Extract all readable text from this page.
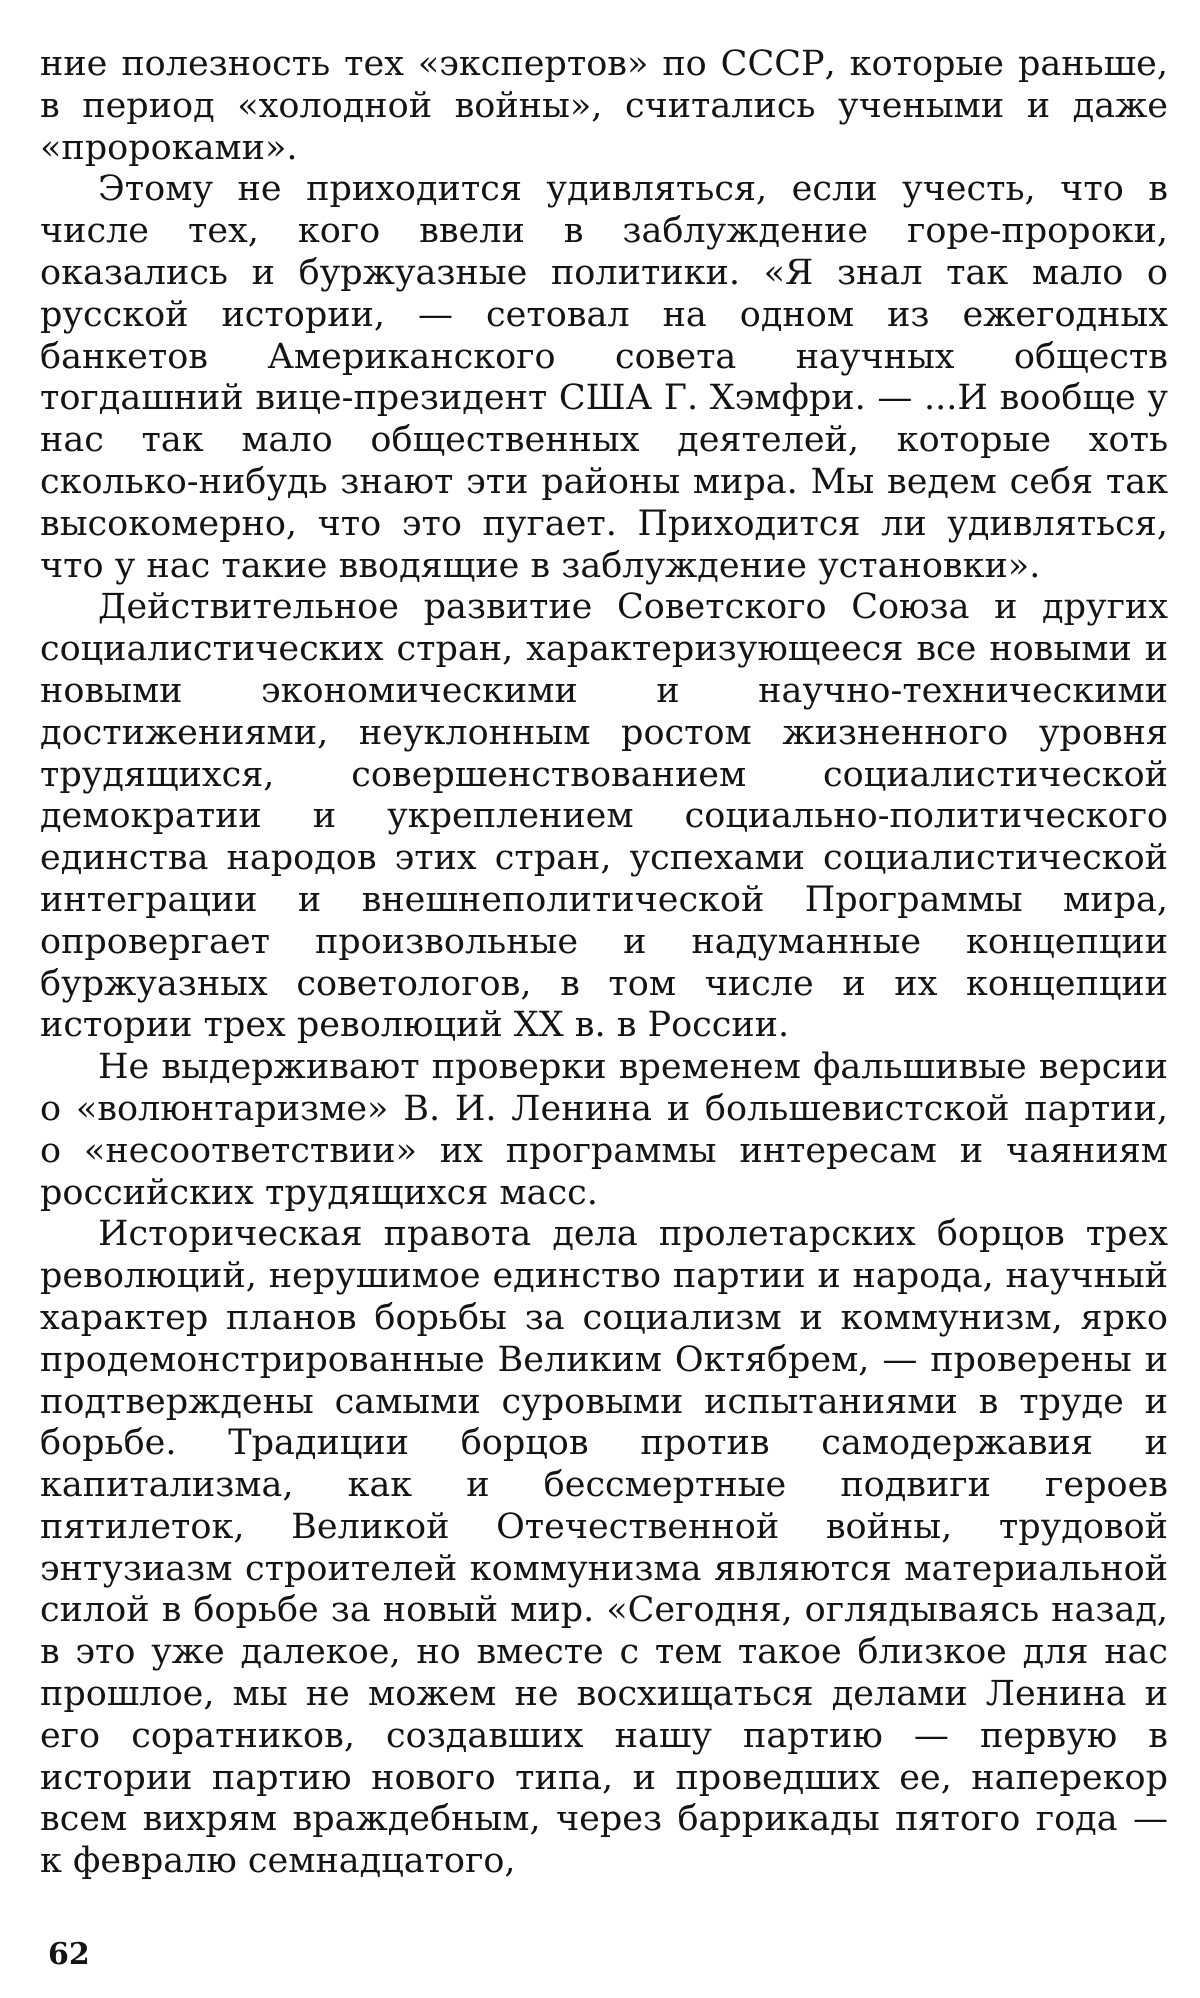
ние полезность тех «экспертов» по СССР, которые раньше, в период «холодной войны», считались учеными и даже «пророками».

Этому не приходится удивляться, если учесть, что в числе тех, кого ввели в заблуждение горе-пророки, оказались и буржуазные политики. «Я знал так мало о русской истории, — сетовал на одном из ежегодных банкетов Американского совета научных обществ тогдашний вице-президент США Г. Хэмфри. — ...И вообще у нас так мало общественных деятелей, которые хоть сколько-нибудь знают эти районы мира. Мы ведем себя так высокомерно, что это пугает. Приходится ли удивляться, что у нас такие вводящие в заблуждение установки».

Действительное развитие Советского Союза и других социалистических стран, характеризующееся все новыми и новыми экономическими и научно-техническими достижениями, неуклонным ростом жизненного уровня трудящихся, совершенствованием социалистической демократии и укреплением социально-политического единства народов этих стран, успехами социалистической интеграции и внешнеполитической Программы мира, опровергает произвольные и надуманные концепции буржуазных советологов, в том числе и их концепции истории трех революций XX в. в России.

Не выдерживают проверки временем фальшивые версии о «волюнтаризме» В. И. Ленина и большевистской партии, о «несоответствии» их программы интересам и чаяниям российских трудящихся масс.

Историческая правота дела пролетарских борцов трех революций, нерушимое единство партии и народа, научный характер планов борьбы за социализм и коммунизм, ярко продемонстрированные Великим Октябрем, — проверены и подтверждены самыми суровыми испытаниями в труде и борьбе. Традиции борцов против самодержавия и капитализма, как и бессмертные подвиги героев пятилеток, Великой Отечественной войны, трудовой энтузиазм строителей коммунизма являются материальной силой в борьбе за новый мир. «Сегодня, оглядываясь назад, в это уже далекое, но вместе с тем такое близкое для нас прошлое, мы не можем не восхищаться делами Ленина и его соратников, создавших нашу партию — первую в истории партию нового типа, и проведших ее, наперекор всем вихрям враждебным, через баррикады пятого года — к февралю семнадцатого,

62
